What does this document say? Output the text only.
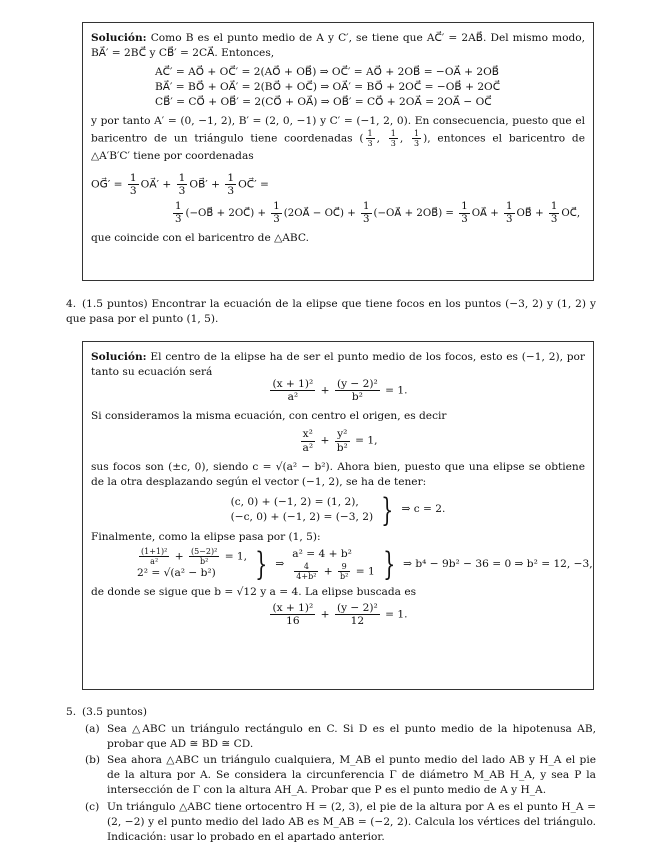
Solución: Como B es el punto medio de A y C′, se tiene que AC⃗′ = 2AB⃗. Del mismo modo, BA⃗′ = 2BC⃗ y CB⃗′ = 2CA⃗. Entonces,

AC⃗′ = AO⃗ + OC⃗′ = 2(AO⃗ + OB⃗) ⇒ OC⃗′ = AO⃗ + 2OB⃗ = −OA⃗ + 2OB⃗
BA⃗′ = BO⃗ + OA⃗′ = 2(BO⃗ + OC⃗) ⇒ OA⃗′ = BO⃗ + 2OC⃗ = −OB⃗ + 2OC⃗
CB⃗′ = CO⃗ + OB⃗′ = 2(CO⃗ + OA⃗) ⇒ OB⃗′ = CO⃗ + 2OA⃗ = 2OA⃗ − OC⃗

y por tanto A′ = (0, −1, 2), B′ = (2, 0, −1) y C′ = (−1, 2, 0). En consecuencia, puesto que el baricentro de un triángulo tiene coordenadas ( $\frac{1}{3}$ , $\frac{1}{3}$ , $\frac{1}{3}$ ), entonces el baricentro de △A′B′C′ tiene por coordenadas

OG⃗′ = $\frac{1}{3}$ OA⃗′ + $\frac{1}{3}$ OB⃗′ + $\frac{1}{3}$ OC⃗′ =
$\frac{1}{3}$ (−OB⃗ + 2OC⃗) + $\frac{1}{3}$ (2OA⃗ − OC⃗) + $\frac{1}{3}$ (−OA⃗ + 2OB⃗) = $\frac{1}{3}$ OA⃗ + $\frac{1}{3}$ OB⃗ + $\frac{1}{3}$ OC⃗,

que coincide con el baricentro de △ABC.

4. (1.5 puntos) Encontrar la ecuación de la elipse que tiene focos en los puntos (−3, 2) y (1, 2) y que pasa por el punto (1, 5).

Solución: El centro de la elipse ha de ser el punto medio de los focos, esto es (−1, 2), por tanto su ecuación será

$\frac{\text{(x + 1)²}}{\text{a²}} + \frac{\text{(y − 2)²}}{\text{b²}} = 1$.

Si consideramos la misma ecuación, con centro el origen, es decir

$\frac{\text{x²}}{\text{a²}} + \frac{\text{y²}}{\text{b²}} = 1$,

sus focos son (±c, 0), siendo c = √(a² − b²). Ahora bien, puesto que una elipse se obtiene de la otra desplazando según el vector (−1, 2), se ha de tener:

(c, 0) + (−1, 2) = (1, 2),
(−c, 0) + (−1, 2) = (−3, 2) } ⇒ c = 2.

Finalmente, como la elipse pasa por (1, 5):

$\frac{\text{(1+1)²}}{\text{a²}} + \frac{\text{(5−2)²}}{\text{b²}} = 1$,
2² = √(a² − b²)	} ⇒
a² = 4 + b²
$\frac{4}{\text{4+b²}} + \frac{9}{\text{b²}} = 1$ } ⇒ b⁴ − 9b² − 36 = 0 ⇒ b² = 12, −3,

de donde se sigue que b = √12 y a = 4. La elipse buscada es

$\frac{\text{(x + 1)²}}{16} + \frac{\text{(y − 2)²}}{12} = 1$.
5. (3.5 puntos)
(a) Sea △ABC un triángulo rectángulo en C. Si D es el punto medio de la hipotenusa AB, probar que AD ≅ BD ≅ CD.
(b) Sea ahora △ABC un triángulo cualquiera, M_AB el punto medio del lado AB y H_A el pie de la altura por A. Se considera la circunferencia Γ de diámetro M_AB H_A, y sea P la intersección de Γ con la altura AH_A. Probar que P es el punto medio de A y H_A.
(c) Un triángulo △ABC tiene ortocentro H = (2, 3), el pie de la altura por A es el punto H_A = (2, −2) y el punto medio del lado AB es M_AB = (−2, 2). Calcula los vértices del triángulo. Indicación: usar lo probado en el apartado anterior.
